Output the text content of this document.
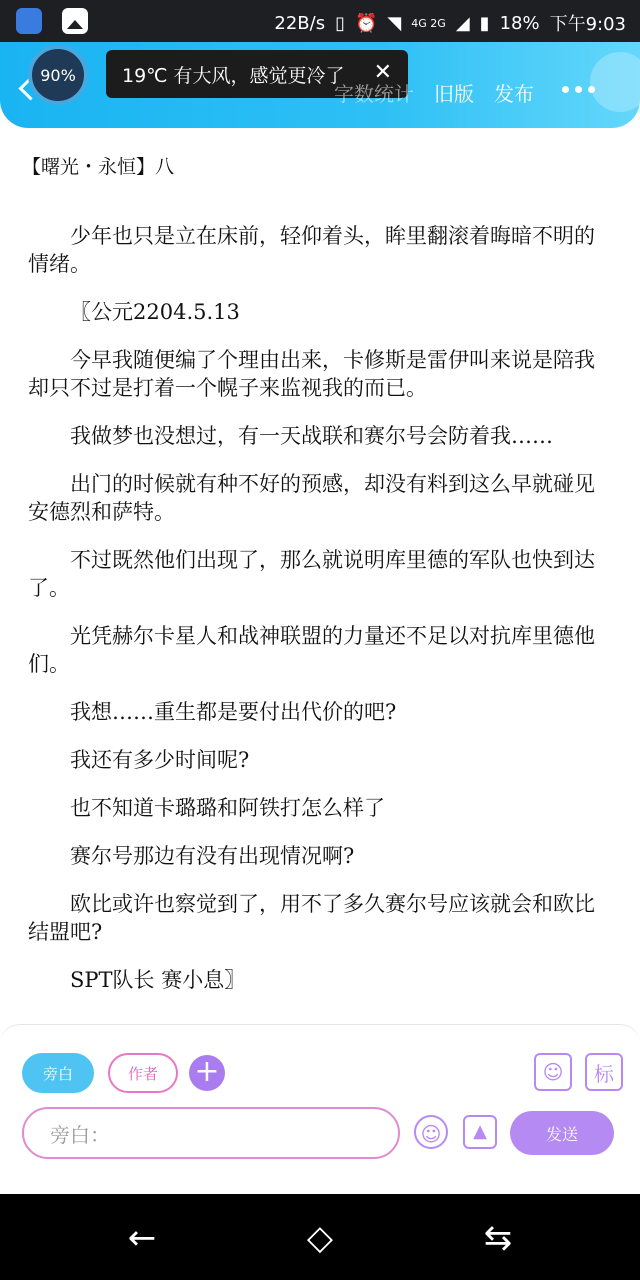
22B/s ▯ ⏰ ◥ 4G 2G ◢ ▮ 18% 下午9:03
90%	19℃ 有大风，感觉更冷了 ✕
字数统计 旧版 发布
【曙光・永恒】八

少年也只是立在床前，轻仰着头，眸里翻滚着晦暗不明的情绪。

〖公元2204.5.13

今早我随便编了个理由出来，卡修斯是雷伊叫来说是陪我却只不过是打着一个幌子来监视我的而已。

我做梦也没想过，有一天战联和赛尔号会防着我……

出门的时候就有种不好的预感，却没有料到这么早就碰见安德烈和萨特。

不过既然他们出现了，那么就说明库里德的军队也快到达了。

光凭赫尔卡星人和战神联盟的力量还不足以对抗库里德他们。

我想……重生都是要付出代价的吧?

我还有多少时间呢?

也不知道卡璐璐和阿铁打怎么样了

赛尔号那边有没有出现情况啊?

欧比或许也察觉到了，用不了多久赛尔号应该就会和欧比结盟吧?

SPT队长 赛小息〗

旁白	作者	+	☺	标
旁白：	☺	▲	发送
←	◇	⇆
